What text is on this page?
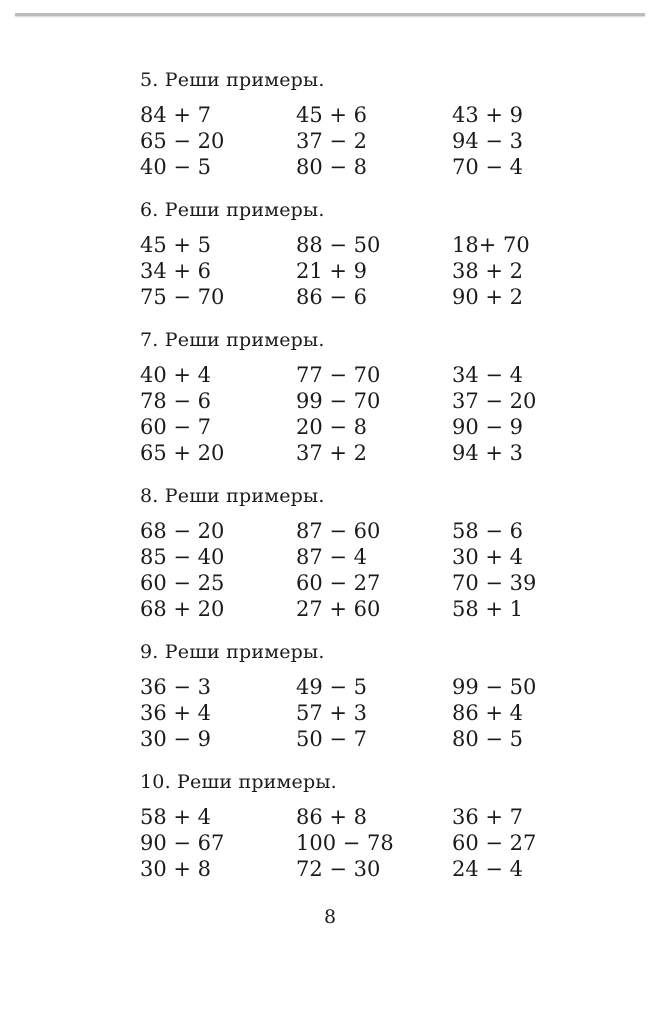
5. Реши примеры.
84 + 7	45 + 6	43 + 9
65 − 20	37 − 2	94 − 3
40 − 5	80 − 8	70 − 4
6. Реши примеры.
45 + 5	88 − 50	18+ 70
34 + 6	21 + 9	38 + 2
75 − 70	86 − 6	90 + 2
7. Реши примеры.
40 + 4	77 − 70	34 − 4
78 − 6	99 − 70	37 − 20
60 − 7	20 − 8	90 − 9
65 + 20	37 + 2	94 + 3
8. Реши примеры.
68 − 20	87 − 60	58 − 6
85 − 40	87 − 4	30 + 4
60 − 25	60 − 27	70 − 39
68 + 20	27 + 60	58 + 1
9. Реши примеры.
36 − 3	49 − 5	99 − 50
36 + 4	57 + 3	86 + 4
30 − 9	50 − 7	80 − 5
10. Реши примеры.
58 + 4	86 + 8	36 + 7
90 − 67	100 − 78	60 − 27
30 + 8	72 − 30	24 − 4
8
